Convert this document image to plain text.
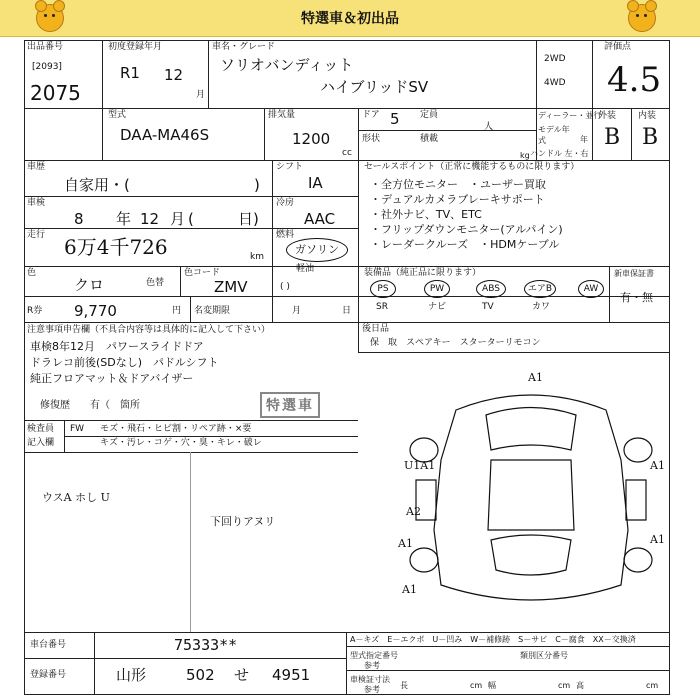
特選車＆初出品
出品番号
[2093]
2075
初度登録年月
R1 12
月
車名・グレード
ソリオバンディット
ハイブリッドSV
2WD
4WD
評価点
4.5
外装 内装
B B
型式
DAA-MA46S
排気量
1200
cc
ドア 5 定員
人
形状	積載
kg
ディーラー・並行
モデル年式	年
ハンドル 左・右
車歴
自家用・(	)
シフト
IA
車検
8 年 12 月 (	日)
冷房
AAC
走行 6万4千726	km
燃料
ガソリン
軽油
( )
色
クロ	色替
色コード
ZMV
R券 9,770	円 名変期限	月	日
セールスポイント（正常に機能するものに限ります）
・全方位モニター　・ユーザー買取
・デュアルカメラブレーキサポート
・社外ナビ、TV、ETC
・フリップダウンモニター(アルパイン)
・レーダークルーズ　・HDMケーブル
装備品（純正品に限ります）
PS	PW	ABS	エアB	AW
SR	ナビ	TV	カワ
新車保証書
有・無
後日品
保　取　スペアキー　スターターリモコン
注意事項申告欄（不具合内容等は具体的に記入して下さい）
車検8年12月　パワースライドドア
ドラレコ前後(SDなし)　パドルシフト
純正フロアマット＆ドアバイザー
修復歴　　有（　箇所	特選車
検査員
記入欄
FW モズ・飛石・ヒビ割・リペア跡・×要
キズ・汚レ・コゲ・穴・臭・キレ・破レ
ウスA ホし U
下回りアヌリ
A1
U1A1	A1
A2
A1	A1
A1
車台番号	75333**
登録番号	山形	502 せ 4951
A－キズ　E－エクボ　U－凹み　W－補修跡　S－サビ　C－腐食　XX－交換済
型式指定番号
参考
類別区分番号
車検証寸法
参考	長	cm 幅	cm 高	cm
